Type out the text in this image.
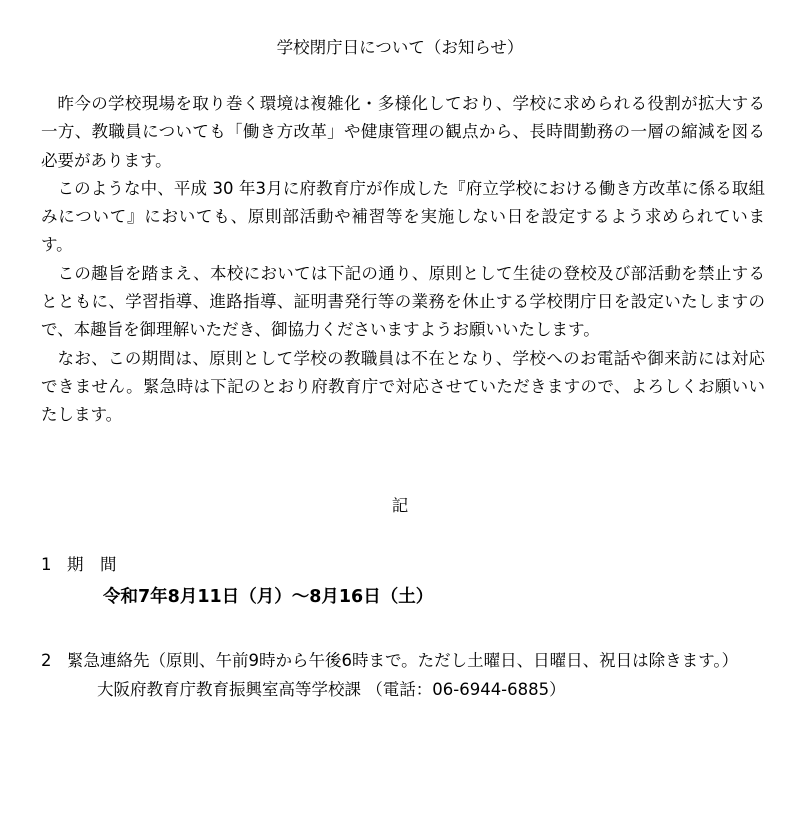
学校閉庁日について（お知らせ）

昨今の学校現場を取り巻く環境は複雑化・多様化しており、学校に求められる役割が拡大する一方、教職員についても「働き方改革」や健康管理の観点から、長時間勤務の一層の縮減を図る必要があります。

このような中、平成 30 年3月に府教育庁が作成した『府立学校における働き方改革に係る取組みについて』においても、原則部活動や補習等を実施しない日を設定するよう求められています。

この趣旨を踏まえ、本校においては下記の通り、原則として生徒の登校及び部活動を禁止するとともに、学習指導、進路指導、証明書発行等の業務を休止する学校閉庁日を設定いたしますので、本趣旨を御理解いただき、御協力くださいますようお願いいたします。

なお、この期間は、原則として学校の教職員は不在となり、学校へのお電話や御来訪には対応できません。緊急時は下記のとおり府教育庁で対応させていただきますので、よろしくお願いいたします。

記
1 期　間
令和7年8月11日（月）～8月16日（土）
2 緊急連絡先（原則、午前9時から午後6時まで。ただし土曜日、日曜日、祝日は除きます。）
大阪府教育庁教育振興室高等学校課 （電話：06-6944-6885）
